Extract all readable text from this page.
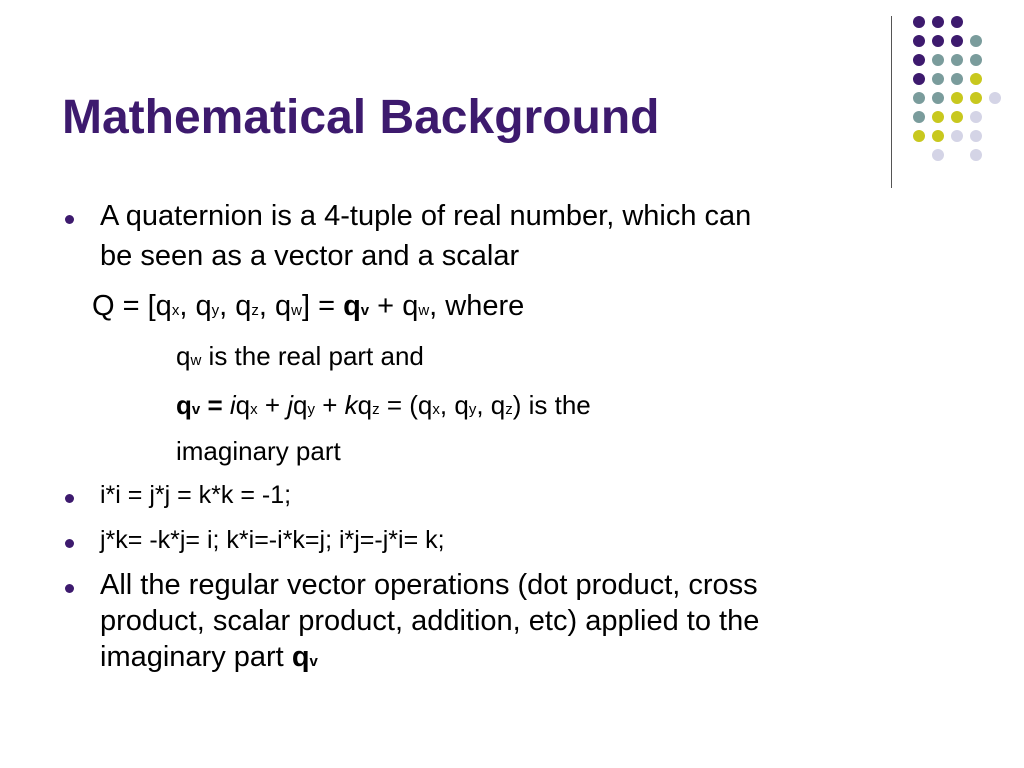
Mathematical Background
A quaternion is a 4-tuple of real number, which can
be seen as a vector and a scalar
Q = [qx, qy, qz, qw] = qv + qw, where
qw is the real part and
qv = iqx + jqy + kqz = (qx, qy, qz) is the
imaginary part
i*i = j*j = k*k = -1;
j*k= -k*j= i; k*i=-i*k=j; i*j=-j*i= k;
All the regular vector operations (dot product, cross
product, scalar product, addition, etc) applied to the
imaginary part qv
